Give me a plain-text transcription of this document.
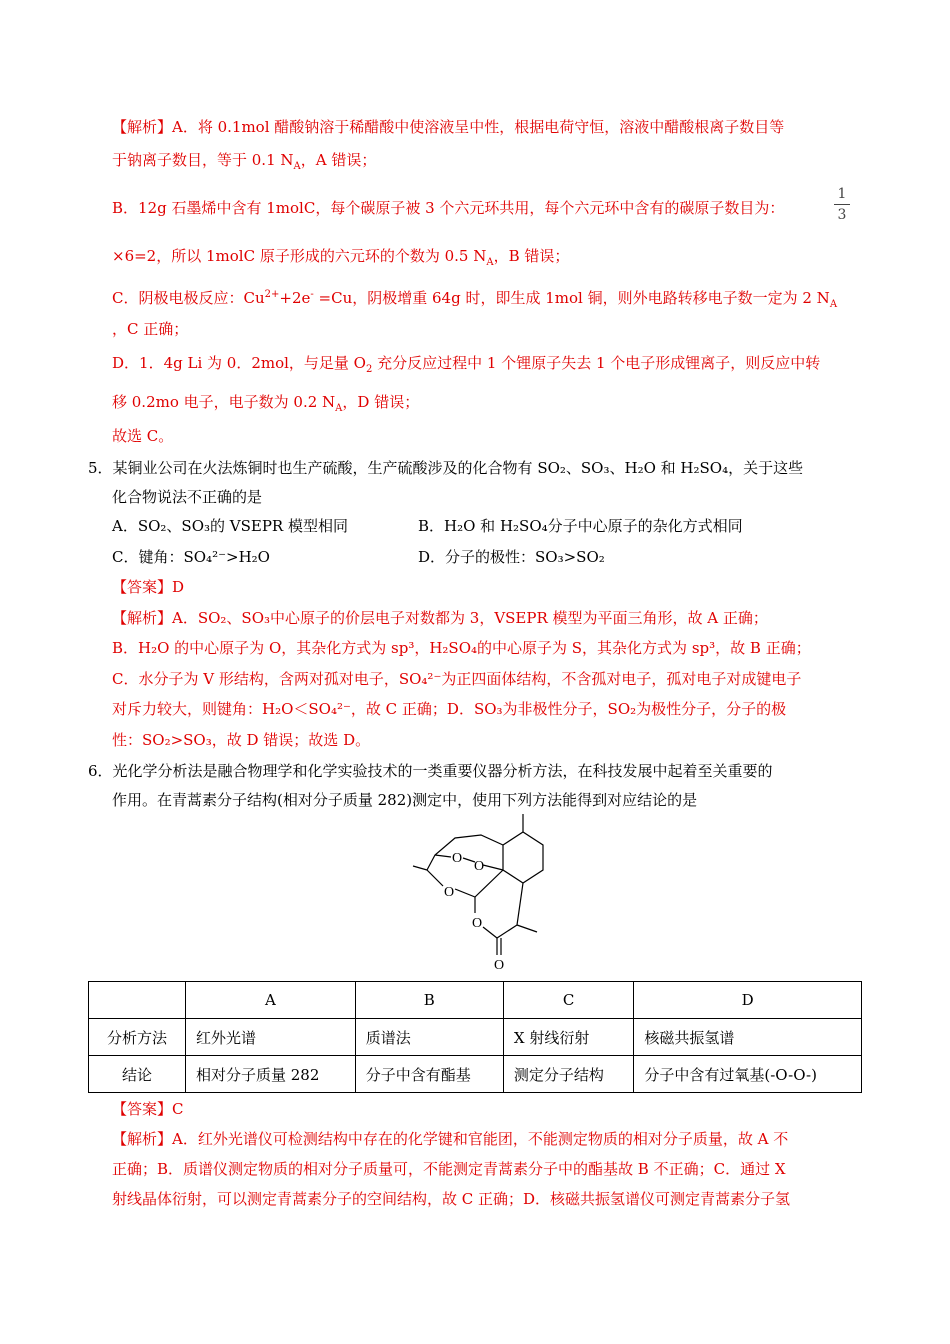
【解析】A．将 0.1mol 醋酸钠溶于稀醋酸中使溶液呈中性，根据电荷守恒，溶液中醋酸根离子数目等
于钠离子数目，等于 0.1 $N_A$，A 错误；
B．12g 石墨烯中含有 1molC，每个碳原子被 3 个六元环共用，每个六元环中含有的碳原子数目为：
1
3
×6=2，所以 1molC 原子形成的六元环的个数为 0.5 $N_A$，B 错误；
C．阴极电极反应：$Cu^{2+}+2e^- =Cu$，阴极增重 64g 时，即生成 1mol 铜，则外电路转移电子数一定为 2 $N_A$
，C 正确；
D．1．4g Li 为 0．2mol，与足量 $O_2$ 充分反应过程中 1 个锂原子失去 1 个电子形成锂离子，则反应中转
移 0.2mo 电子，电子数为 0.2 $N_A$，D 错误；
故选 C。
5．某铜业公司在火法炼铜时也生产硫酸，生产硫酸涉及的化合物有 SO₂、SO₃、H₂O 和 H₂SO₄，关于这些
化合物说法不正确的是
A．SO₂、SO₃的 VSEPR 模型相同	B．H₂O 和 H₂SO₄分子中心原子的杂化方式相同
C．键角：SO₄²⁻>H₂O	D．分子的极性：SO₃>SO₂
【答案】D
【解析】A．SO₂、SO₃中心原子的价层电子对数都为 3，VSEPR 模型为平面三角形，故 A 正确；
B．H₂O 的中心原子为 O，其杂化方式为 sp³，H₂SO₄的中心原子为 S，其杂化方式为 sp³，故 B 正确；
C．水分子为 V 形结构，含两对孤对电子，SO₄²⁻为正四面体结构，不含孤对电子，孤对电子对成键电子
对斥力较大，则键角：H₂O＜SO₄²⁻，故 C 正确；D．SO₃为非极性分子，SO₂为极性分子，分子的极
性：SO₂>SO₃，故 D 错误；故选 D。
6．光化学分析法是融合物理学和化学实验技术的一类重要仪器分析方法，在科技发展中起着至关重要的
作用。在青蒿素分子结构(相对分子质量 282)测定中，使用下列方法能得到对应结论的是
O
O
O
O
O
	A	B	C	D
分析方法	红外光谱	质谱法	X 射线衍射	核磁共振氢谱
结论	相对分子质量 282	分子中含有酯基	测定分子结构	分子中含有过氧基(-O-O-)
【答案】C
【解析】A．红外光谱仪可检测结构中存在的化学键和官能团，不能测定物质的相对分子质量，故 A 不
正确；B．质谱仪测定物质的相对分子质量可，不能测定青蒿素分子中的酯基故 B 不正确；C．通过 X
射线晶体衍射，可以测定青蒿素分子的空间结构，故 C 正确；D．核磁共振氢谱仪可测定青蒿素分子氢
